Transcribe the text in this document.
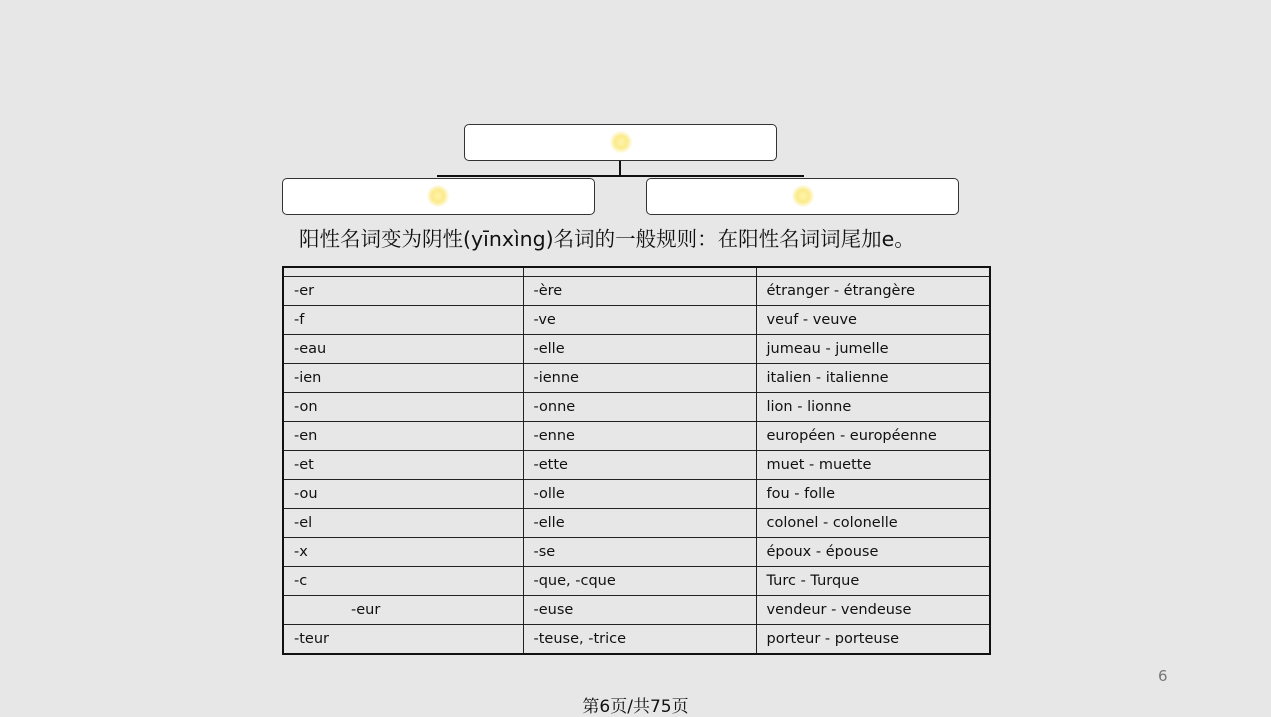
阳性名词变为阴性(yīnxìng)名词的一般规则：在阳性名词词尾加e。

-er	-ère	étranger - étrangère
-f	-ve	veuf - veuve
-eau	-elle	jumeau - jumelle
-ien	-ienne	italien - italienne
-on	-onne	lion - lionne
-en	-enne	européen - européenne
-et	-ette	muet - muette
-ou	-olle	fou - folle
-el	-elle	colonel - colonelle
-x	-se	époux - épouse
-c	-que, -cque	Turc - Turque
-eur	-euse	vendeur - vendeuse
-teur	-teuse, -trice	porteur - porteuse
6
第6页/共75页
